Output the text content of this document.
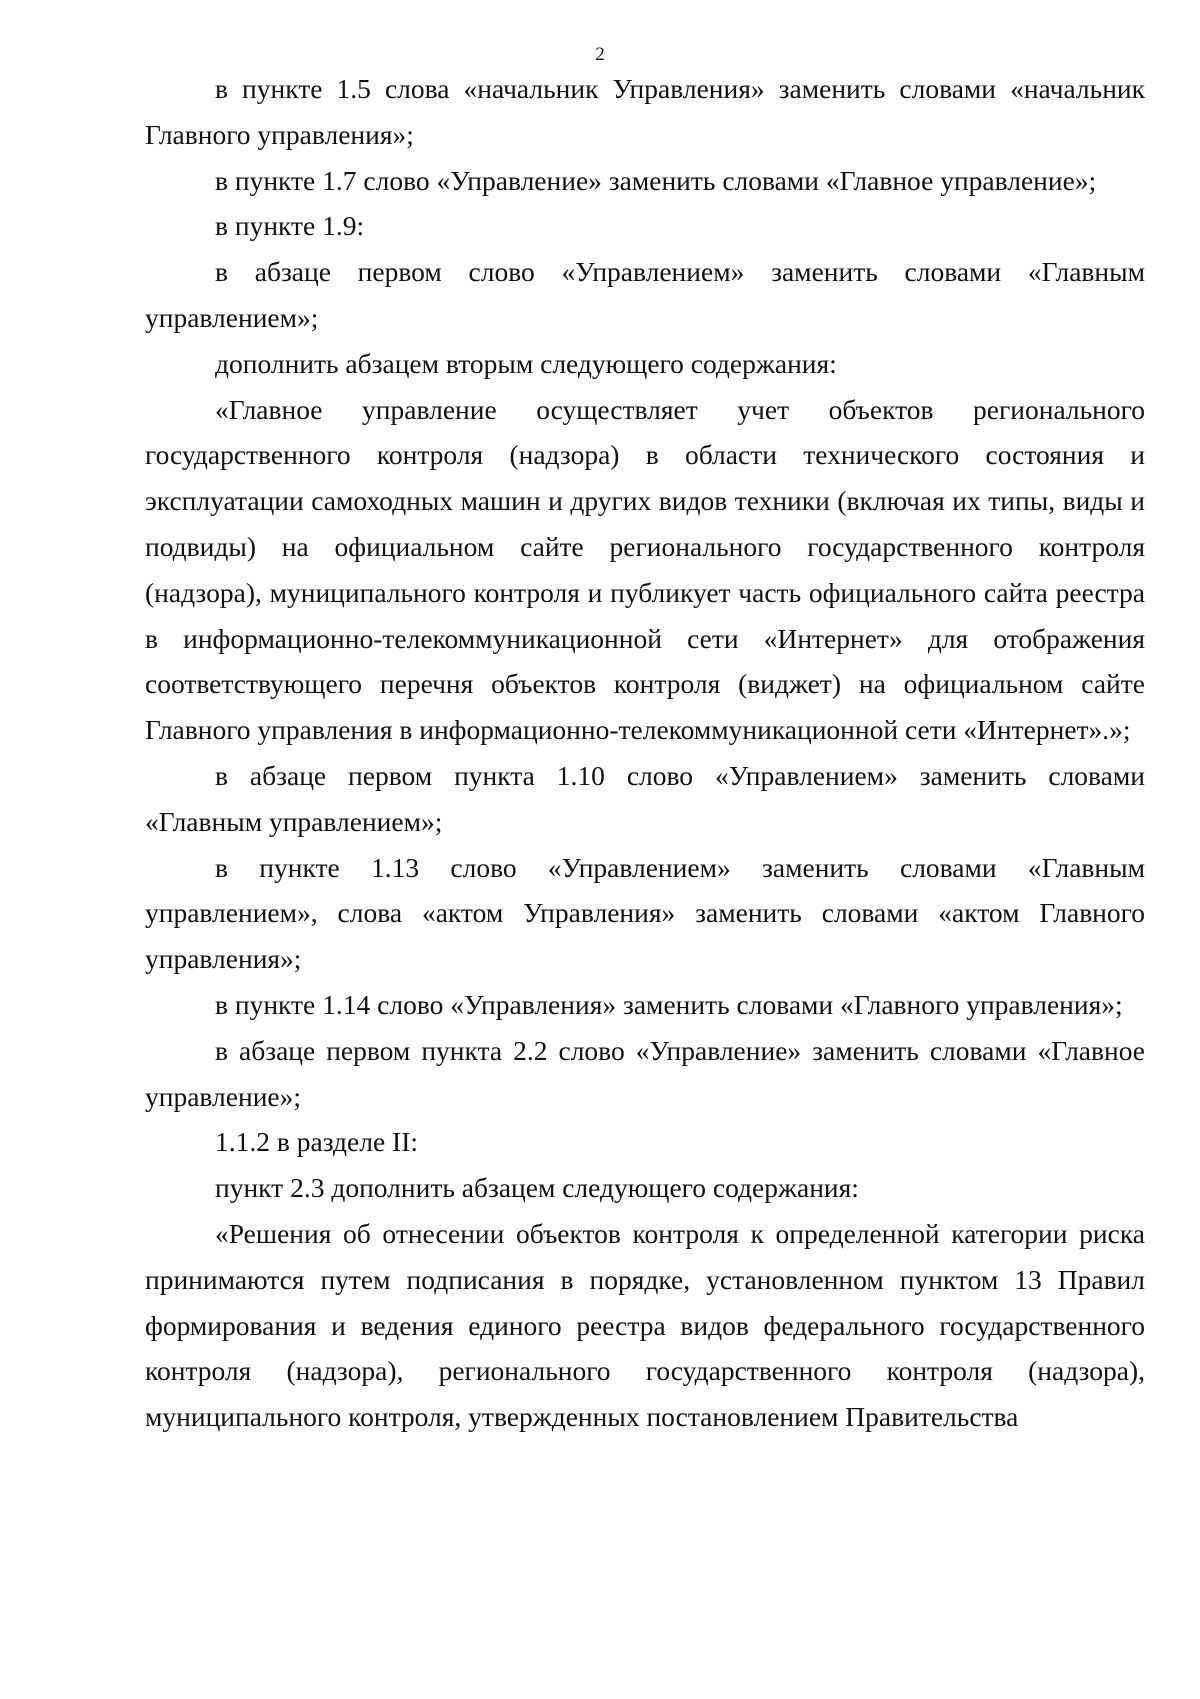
2

в пункте 1.5 слова «начальник Управления» заменить словами «начальник Главного управления»;

в пункте 1.7 слово «Управление» заменить словами «Главное управление»;

в пункте 1.9:

в абзаце первом слово «Управлением» заменить словами «Главным управлением»;

дополнить абзацем вторым следующего содержания:

«Главное управление осуществляет учет объектов регионального государственного контроля (надзора) в области технического состояния и эксплуатации самоходных машин и других видов техники (включая их типы, виды и подвиды) на официальном сайте регионального государственного контроля (надзора), муниципального контроля и публикует часть официального сайта реестра в информационно-телекоммуникационной сети «Интернет» для отображения соответствующего перечня объектов контроля (виджет) на официальном сайте Главного управления в информационно-телекоммуникационной сети «Интернет».»;

в абзаце первом пункта 1.10 слово «Управлением» заменить словами «Главным управлением»;

в пункте 1.13 слово «Управлением» заменить словами «Главным управлением», слова «актом Управления» заменить словами «актом Главного управления»;

в пункте 1.14 слово «Управления» заменить словами «Главного управления»;

в абзаце первом пункта 2.2 слово «Управление» заменить словами «Главное управление»;

1.1.2 в разделе II:

пункт 2.3 дополнить абзацем следующего содержания:

«Решения об отнесении объектов контроля к определенной категории риска принимаются путем подписания в порядке, установленном пунктом 13 Правил формирования и ведения единого реестра видов федерального государственного контроля (надзора), регионального государственного контроля (надзора), муниципального контроля, утвержденных постановлением Правительства
